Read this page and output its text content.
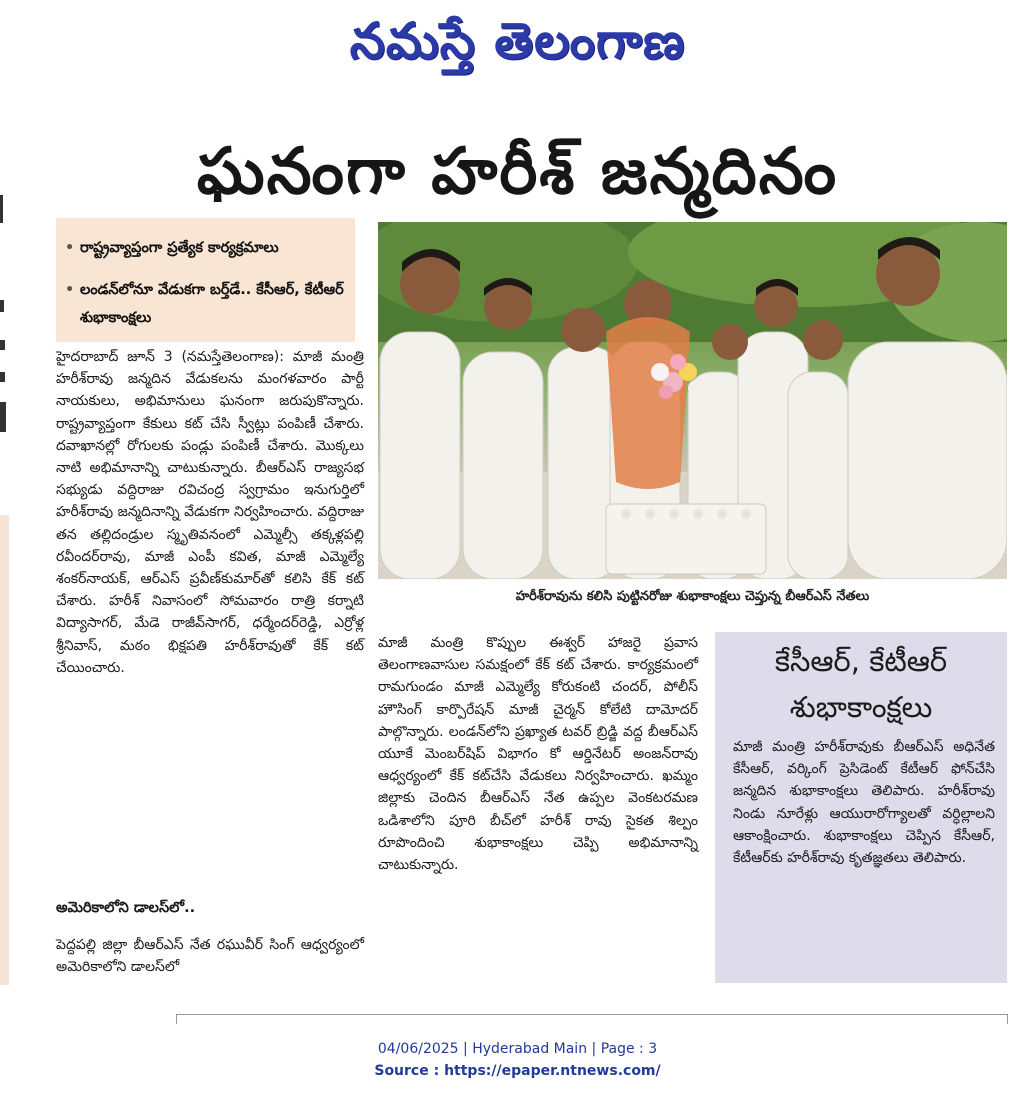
నమస్తే తెలంగాణ
ఘనంగా హరీశ్ జన్మదినం

• రాష్ట్రవ్యాప్తంగా ప్రత్యేక కార్యక్రమాలు

• లండన్‌లోనూ వేడుకగా బర్త్‌డే.. కేసీఆర్, కేటీఆర్ శుభాకాంక్షలు

హైదరాబాద్ జూన్ 3 (నమస్తేతెలంగాణ): మాజీ మంత్రి హరీశ్‌రావు జన్మదిన వేడుకలను మంగళవారం పార్టీ నాయకులు, అభిమానులు ఘనంగా జరుపుకొన్నారు. రాష్ట్రవ్యాప్తంగా కేకులు కట్ చేసి స్వీట్లు పంపిణీ చేశారు. దవాఖానల్లో రోగులకు పండ్లు పంపిణీ చేశారు. మొక్కలు నాటి అభిమానాన్ని చాటుకున్నారు. బీఆర్‌ఎస్ రాజ్యసభ సభ్యుడు వద్దిరాజు రవిచంద్ర స్వగ్రామం ఇనుగుర్తిలో హరీశ్‌రావు జన్మదినాన్ని వేడుకగా నిర్వహించారు. వద్దిరాజు తన తల్లిదండ్రుల స్మృతివనంలో ఎమ్మెల్సీ తక్కళ్లపల్లి రవీందర్‌రావు, మాజీ ఎంపీ కవిత, మాజీ ఎమ్మెల్యే శంకర్‌నాయక్, ఆర్‌ఎస్ ప్రవీణ్‌కుమార్‌తో కలిసి కేక్ కట్ చేశారు. హరీశ్ నివాసంలో సోమవారం రాత్రి కర్నాటి విద్యాసాగర్, మేడె రాజీవ్‌సాగర్, ధర్మేందర్‌రెడ్డి, ఎర్రోళ్ల శ్రీనివాస్, మఠం భిక్షపతి హరీశ్‌రావుతో కేక్ కట్ చేయించారు.

అమెరికాలోని డాలస్‌లో..

పెద్దపల్లి జిల్లా బీఆర్‌ఎస్ నేత రఘువీర్ సింగ్ ఆధ్వర్యంలో అమెరికాలోని డాలస్‌లో

హరీశ్‌రావును కలిసి పుట్టినరోజు శుభాకాంక్షలు చెప్తున్న బీఆర్‌ఎస్ నేతలు

మాజీ మంత్రి కొప్పుల ఈశ్వర్ హాజరై ప్రవాస తెలంగాణవాసుల సమక్షంలో కేక్ కట్ చేశారు. కార్యక్రమంలో రామగుండం మాజీ ఎమ్మెల్యే కోరుకంటి చందర్, పోలీస్ హౌసింగ్ కార్పొరేషన్ మాజీ చైర్మన్ కోలేటి దామోదర్ పాల్గొన్నారు. లండన్‌లోని ప్రఖ్యాత టవర్ బ్రిడ్జి వద్ద బీఆర్‌ఎస్ యూకే మెంబర్‌షిప్ విభాగం కో ఆర్డినేటర్ అంజన్‌రావు ఆధ్వర్యంలో కేక్ కట్‌చేసి వేడుకలు నిర్వహించారు. ఖమ్మం జిల్లాకు చెందిన బీఆర్‌ఎస్ నేత ఉప్పల వెంకటరమణ ఒడిశాలోని పూరి బీచ్‌లో హరీశ్ రావు సైకత శిల్పం రూపొందించి శుభాకాంక్షలు చెప్పి అభిమానాన్ని చాటుకున్నారు.

కేసీఆర్, కేటీఆర్ శుభాకాంక్షలు

మాజీ మంత్రి హరీశ్‌రావుకు బీఆర్‌ఎస్ అధినేత కేసీఆర్, వర్కింగ్ ప్రెసిడెంట్ కేటీఆర్ ఫోన్‌చేసి జన్మదిన శుభాకాంక్షలు తెలిపారు. హరీశ్‌రావు నిండు నూరేళ్లు ఆయురారోగ్యాలతో వర్ధిల్లాలని ఆకాంక్షించారు. శుభాకాంక్షలు చెప్పిన కేసీఆర్, కేటీఆర్‌కు హరీశ్‌రావు కృతజ్ఞతలు తెలిపారు.

04/06/2025 | Hyderabad Main | Page : 3
Source : https://epaper.ntnews.com/
